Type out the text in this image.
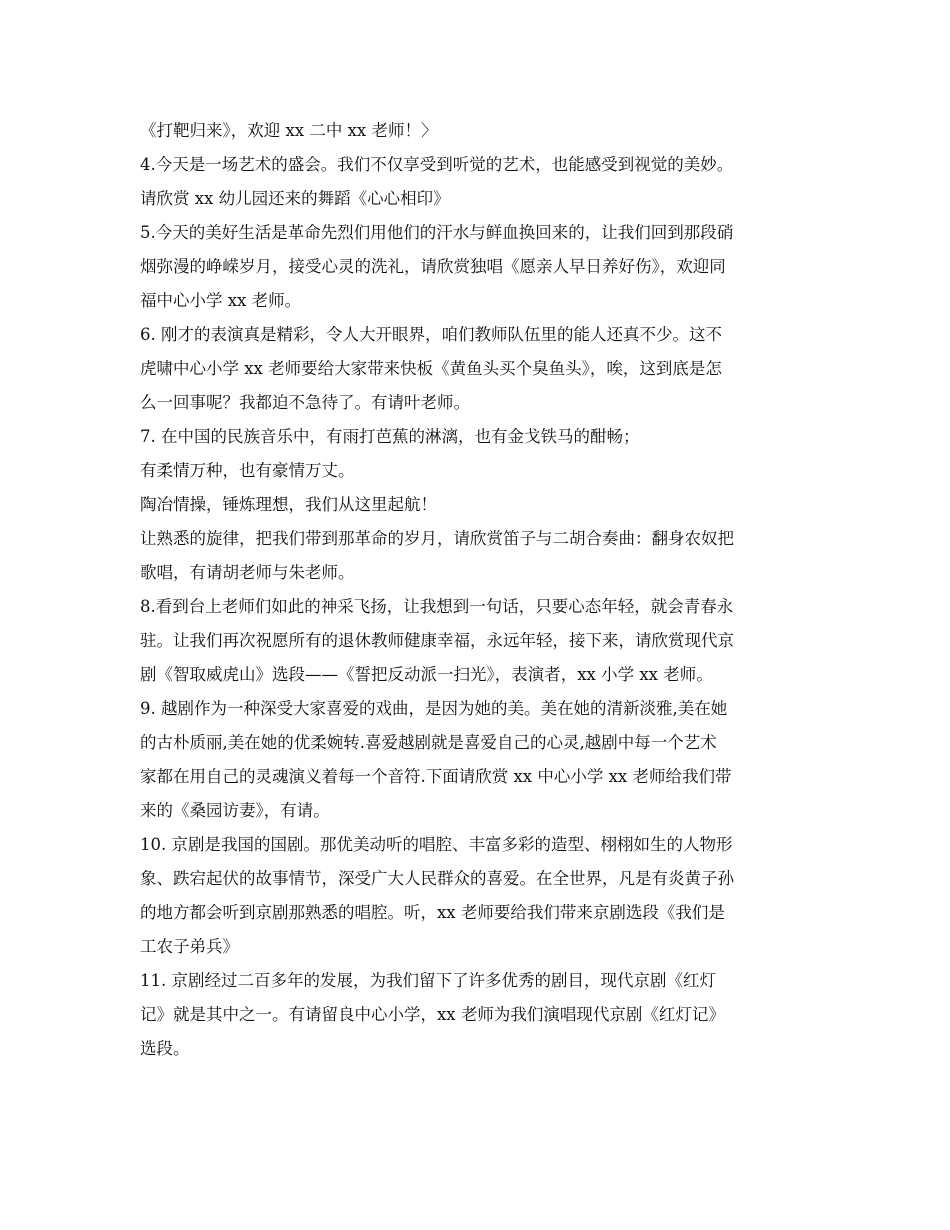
《打靶归来》，欢迎 xx 二中 xx 老师！〉
4.今天是一场艺术的盛会。我们不仅享受到听觉的艺术，也能感受到视觉的美妙。
请欣赏 xx 幼儿园还来的舞蹈《心心相印》
5.今天的美好生活是革命先烈们用他们的汗水与鲜血换回来的，让我们回到那段硝
烟弥漫的峥嵘岁月，接受心灵的洗礼，请欣赏独唱《愿亲人早日养好伤》，欢迎同
福中心小学 xx 老师。
6. 刚才的表演真是精彩，令人大开眼界，咱们教师队伍里的能人还真不少。这不
虎啸中心小学 xx 老师要给大家带来快板《黄鱼头买个臭鱼头》，唉，这到底是怎
么一回事呢？我都迫不急待了。有请叶老师。
7. 在中国的民族音乐中，有雨打芭蕉的淋漓，也有金戈铁马的酣畅；
有柔情万种，也有豪情万丈。
陶冶情操，锤炼理想，我们从这里起航！
让熟悉的旋律，把我们带到那革命的岁月，请欣赏笛子与二胡合奏曲：翻身农奴把
歌唱，有请胡老师与朱老师。
8.看到台上老师们如此的神采飞扬，让我想到一句话，只要心态年轻，就会青春永
驻。让我们再次祝愿所有的退休教师健康幸福，永远年轻，接下来，请欣赏现代京
剧《智取威虎山》选段——《誓把反动派一扫光》，表演者，xx 小学 xx 老师。
9. 越剧作为一种深受大家喜爱的戏曲，是因为她的美。美在她的清新淡雅,美在她
的古朴质丽,美在她的优柔婉转.喜爱越剧就是喜爱自己的心灵,越剧中每一个艺术
家都在用自己的灵魂演义着每一个音符.下面请欣赏 xx 中心小学 xx 老师给我们带
来的《桑园访妻》，有请。
10. 京剧是我国的国剧。那优美动听的唱腔、丰富多彩的造型、栩栩如生的人物形
象、跌宕起伏的故事情节，深受广大人民群众的喜爱。在全世界，凡是有炎黄子孙
的地方都会听到京剧那熟悉的唱腔。听，xx 老师要给我们带来京剧选段《我们是
工农子弟兵》
11. 京剧经过二百多年的发展，为我们留下了许多优秀的剧目，现代京剧《红灯
记》就是其中之一。有请留良中心小学，xx 老师为我们演唱现代京剧《红灯记》
选段。
